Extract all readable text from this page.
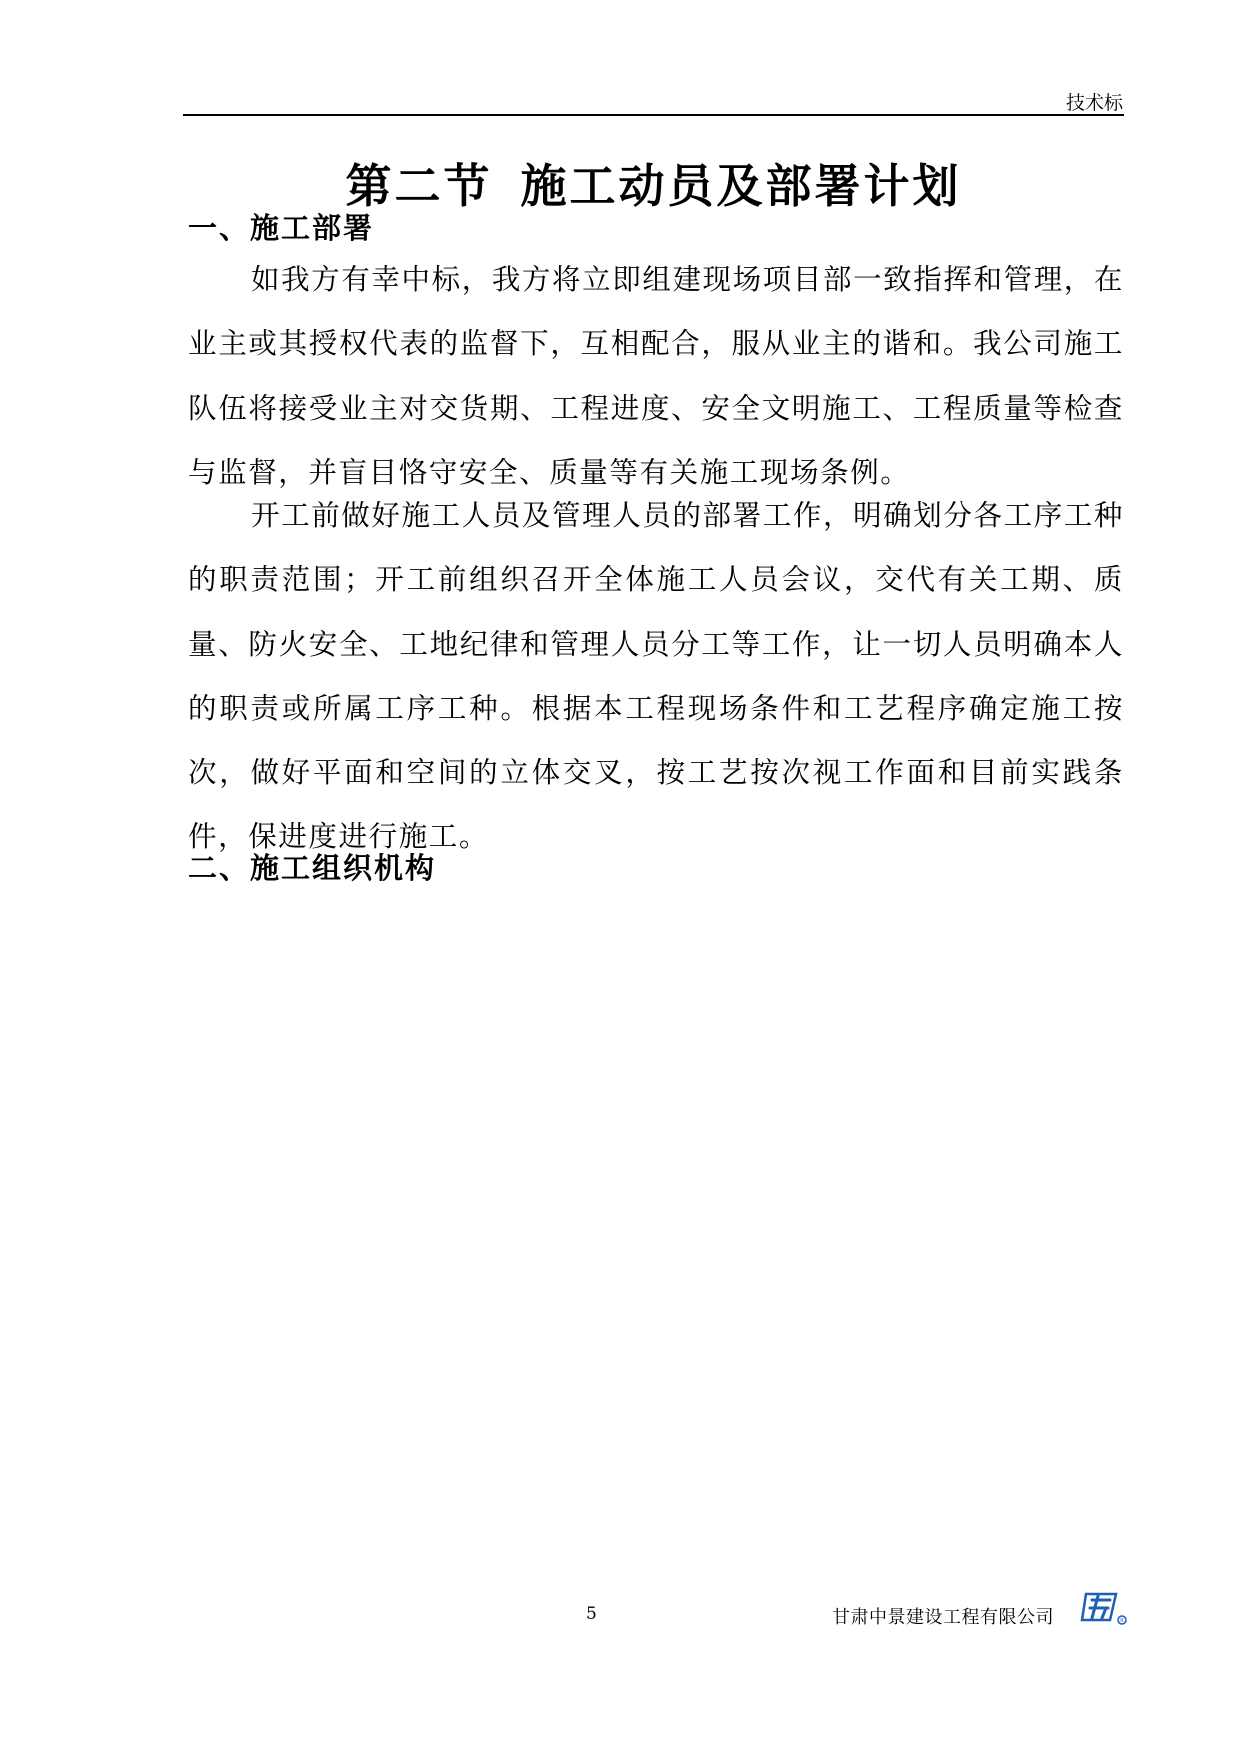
技术标
第二节 施工动员及部署计划
一、施工部署
如我方有幸中标，我方将立即组建现场项目部一致指挥和管理，在业主或其授权代表的监督下，互相配合，服从业主的谐和。我公司施工队伍将接受业主对交货期、工程进度、安全文明施工、工程质量等检查与监督，并盲目恪守安全、质量等有关施工现场条例。
开工前做好施工人员及管理人员的部署工作，明确划分各工序工种的职责范围；开工前组织召开全体施工人员会议，交代有关工期、质量、防火安全、工地纪律和管理人员分工等工作，让一切人员明确本人的职责或所属工序工种。根据本工程现场条件和工艺程序确定施工按次，做好平面和空间的立体交叉，按工艺按次视工作面和目前实践条件，保进度进行施工。
二、施工组织机构
5	甘肃中景建设工程有限公司	R
